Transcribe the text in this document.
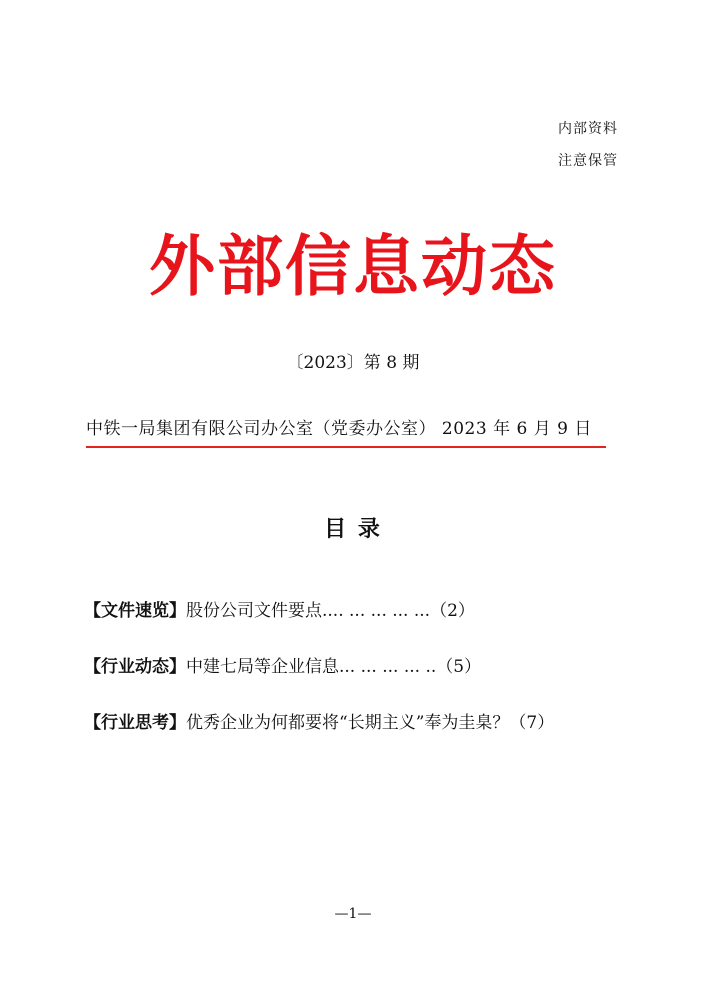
内部资料
注意保管
外部信息动态
〔2023〕第 8 期
中铁一局集团有限公司办公室（党委办公室） 2023 年 6 月 9 日
目 录
【文件速览】股份公司文件要点.... ... ... ... ...（2）
【行业动态】中建七局等企业信息... ... ... ... ..（5）
【行业思考】优秀企业为何都要将“长期主义”奉为圭臬？（7）
—1—
